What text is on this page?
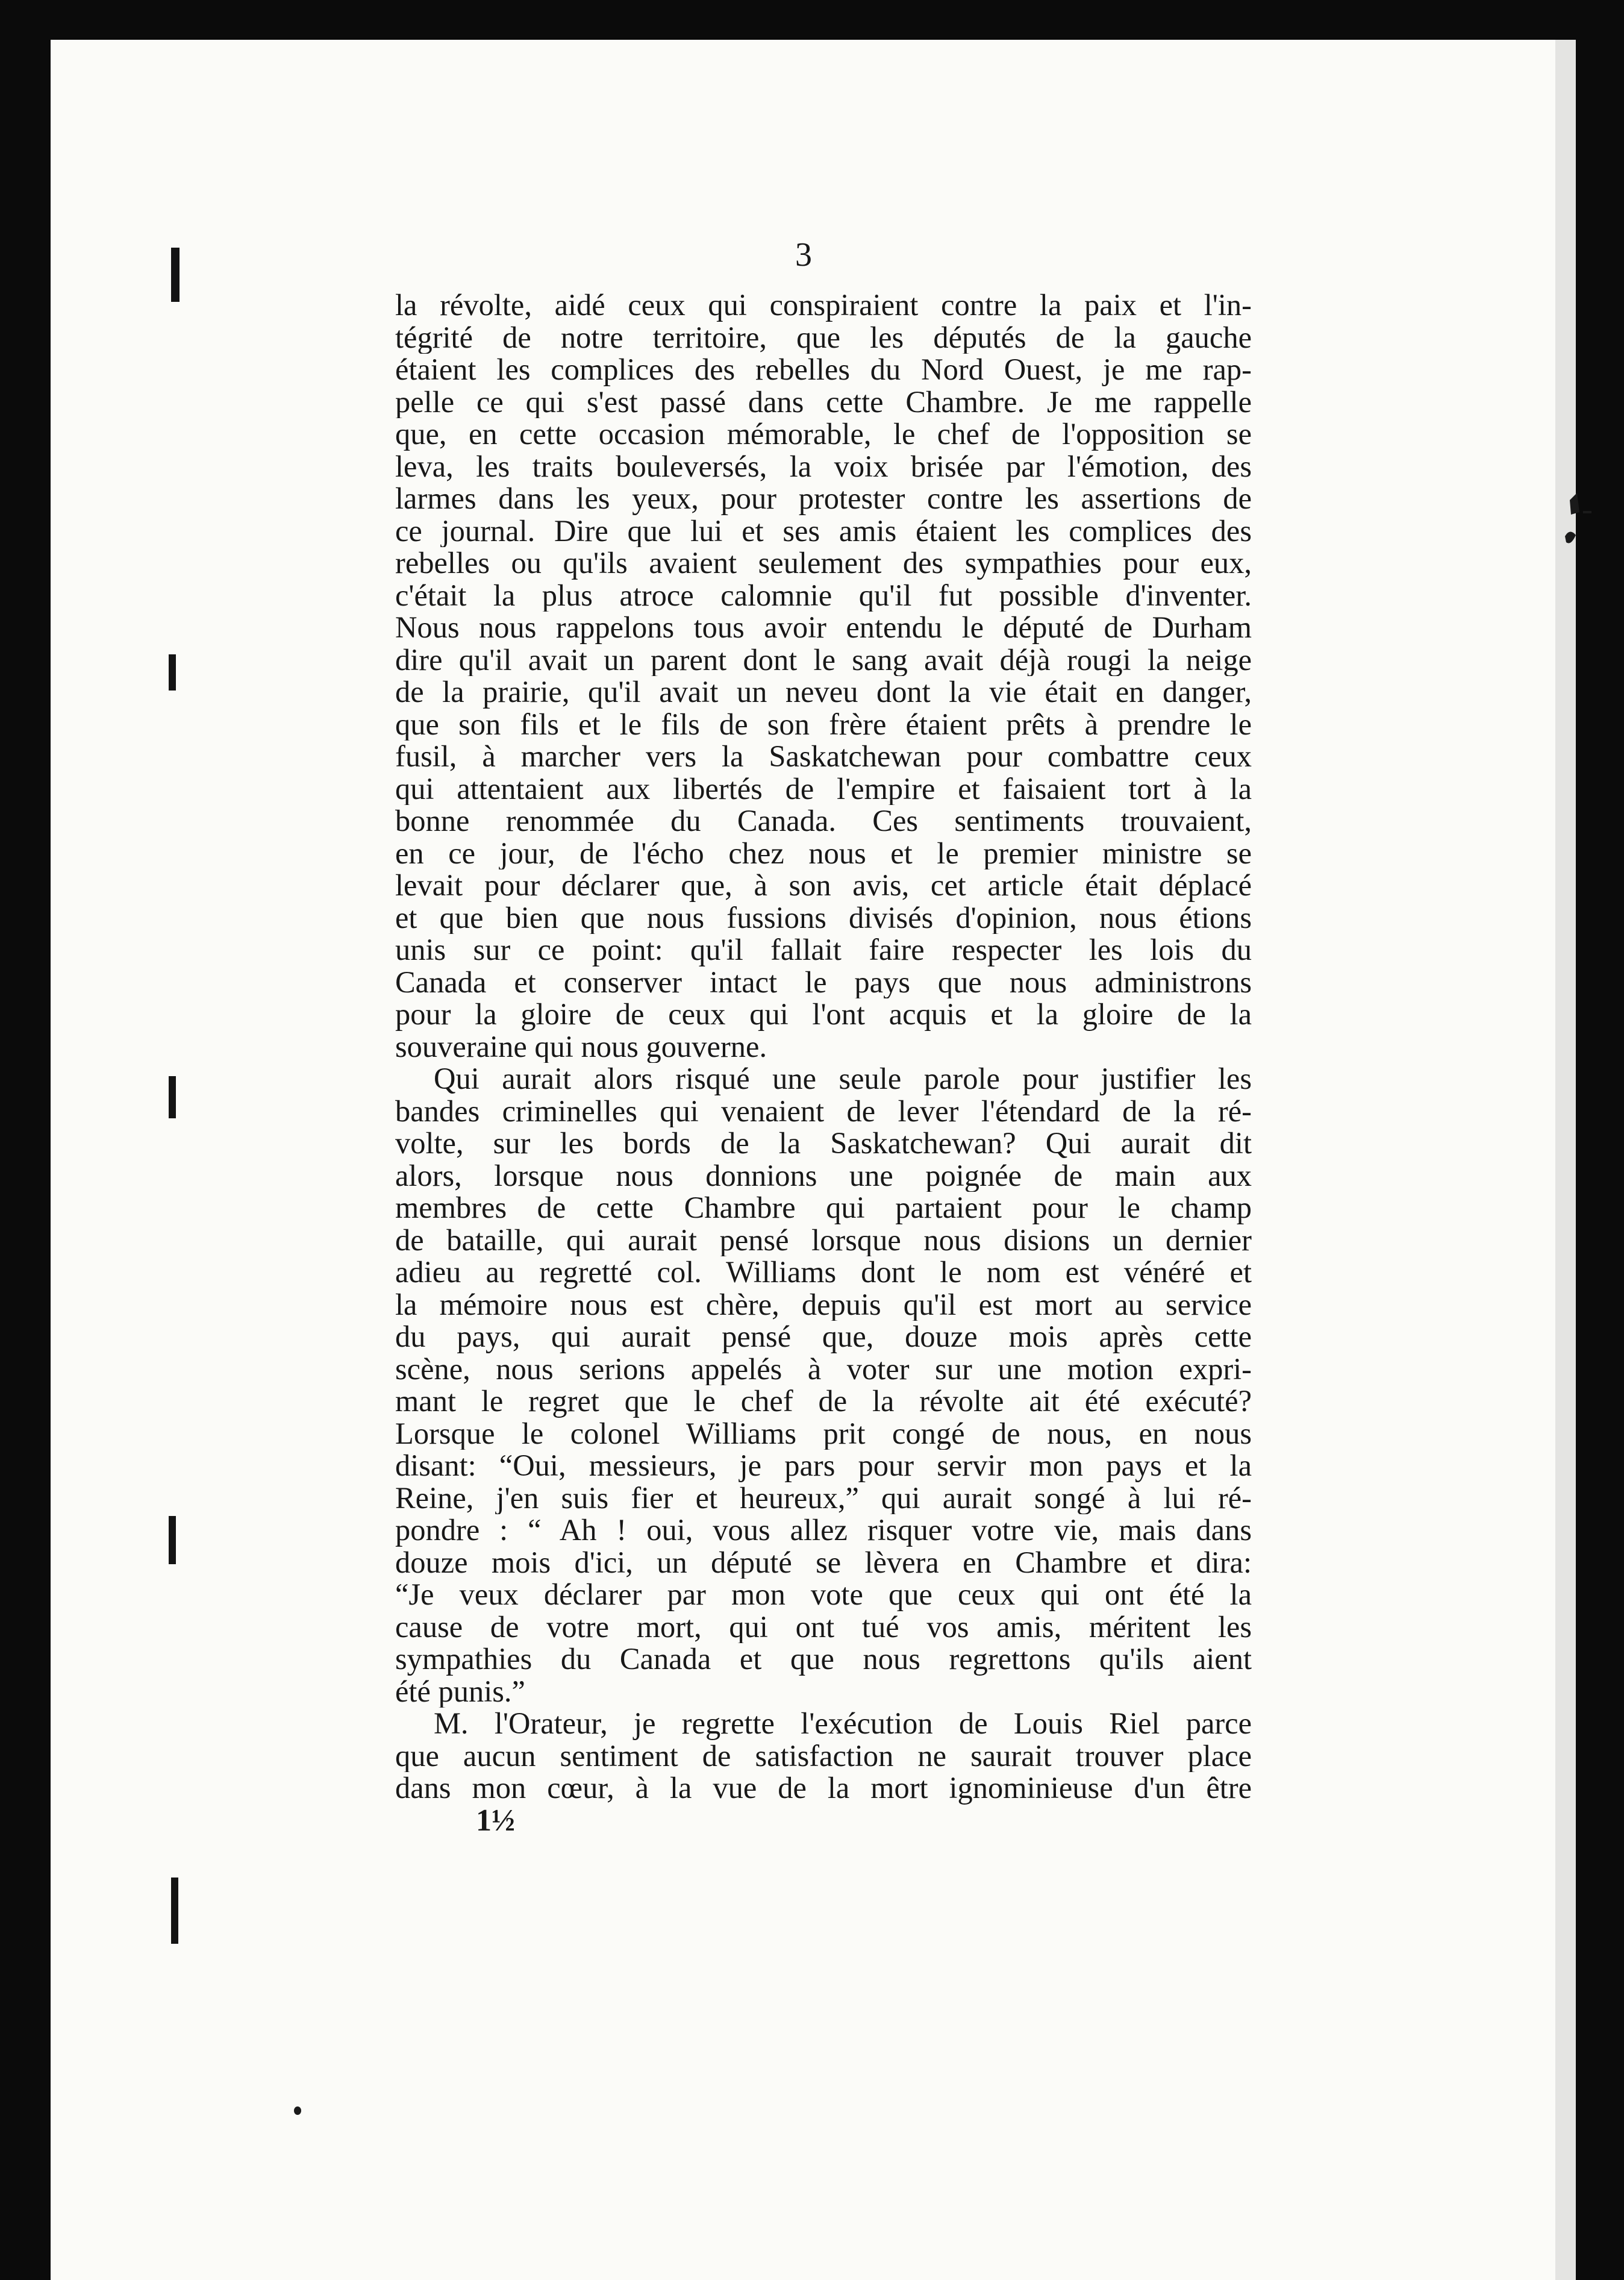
3
la révolte, aidé ceux qui conspiraient contre la paix et l'in-
tégrité de notre territoire, que les députés de la gauche
étaient les complices des rebelles du Nord Ouest, je me rap-
pelle ce qui s'est passé dans cette Chambre. Je me rappelle
que, en cette occasion mémorable, le chef de l'opposition se
leva, les traits bouleversés, la voix brisée par l'émotion, des
larmes dans les yeux, pour protester contre les assertions de
ce journal. Dire que lui et ses amis étaient les complices des
rebelles ou qu'ils avaient seulement des sympathies pour eux,
c'était la plus atroce calomnie qu'il fut possible d'inventer.
Nous nous rappelons tous avoir entendu le député de Durham
dire qu'il avait un parent dont le sang avait déjà rougi la neige
de la prairie, qu'il avait un neveu dont la vie était en danger,
que son fils et le fils de son frère étaient prêts à prendre le
fusil, à marcher vers la Saskatchewan pour combattre ceux
qui attentaient aux libertés de l'empire et faisaient tort à la
bonne renommée du Canada. Ces sentiments trouvaient,
en ce jour, de l'écho chez nous et le premier ministre se
levait pour déclarer que, à son avis, cet article était déplacé
et que bien que nous fussions divisés d'opinion, nous étions
unis sur ce point: qu'il fallait faire respecter les lois du
Canada et conserver intact le pays que nous administrons
pour la gloire de ceux qui l'ont acquis et la gloire de la
souveraine qui nous gouverne.
Qui aurait alors risqué une seule parole pour justifier les
bandes criminelles qui venaient de lever l'étendard de la ré-
volte, sur les bords de la Saskatchewan? Qui aurait dit
alors, lorsque nous donnions une poignée de main aux
membres de cette Chambre qui partaient pour le champ
de bataille, qui aurait pensé lorsque nous disions un dernier
adieu au regretté col. Williams dont le nom est vénéré et
la mémoire nous est chère, depuis qu'il est mort au service
du pays, qui aurait pensé que, douze mois après cette
scène, nous serions appelés à voter sur une motion expri-
mant le regret que le chef de la révolte ait été exécuté?
Lorsque le colonel Williams prit congé de nous, en nous
disant: “Oui, messieurs, je pars pour servir mon pays et la
Reine, j'en suis fier et heureux,” qui aurait songé à lui ré-
pondre : “ Ah ! oui, vous allez risquer votre vie, mais dans
douze mois d'ici, un député se lèvera en Chambre et dira:
“Je veux déclarer par mon vote que ceux qui ont été la
cause de votre mort, qui ont tué vos amis, méritent les
sympathies du Canada et que nous regrettons qu'ils aient
été punis.”
M. l'Orateur, je regrette l'exécution de Louis Riel parce
que aucun sentiment de satisfaction ne saurait trouver place
dans mon cœur, à la vue de la mort ignominieuse d'un être
1½
